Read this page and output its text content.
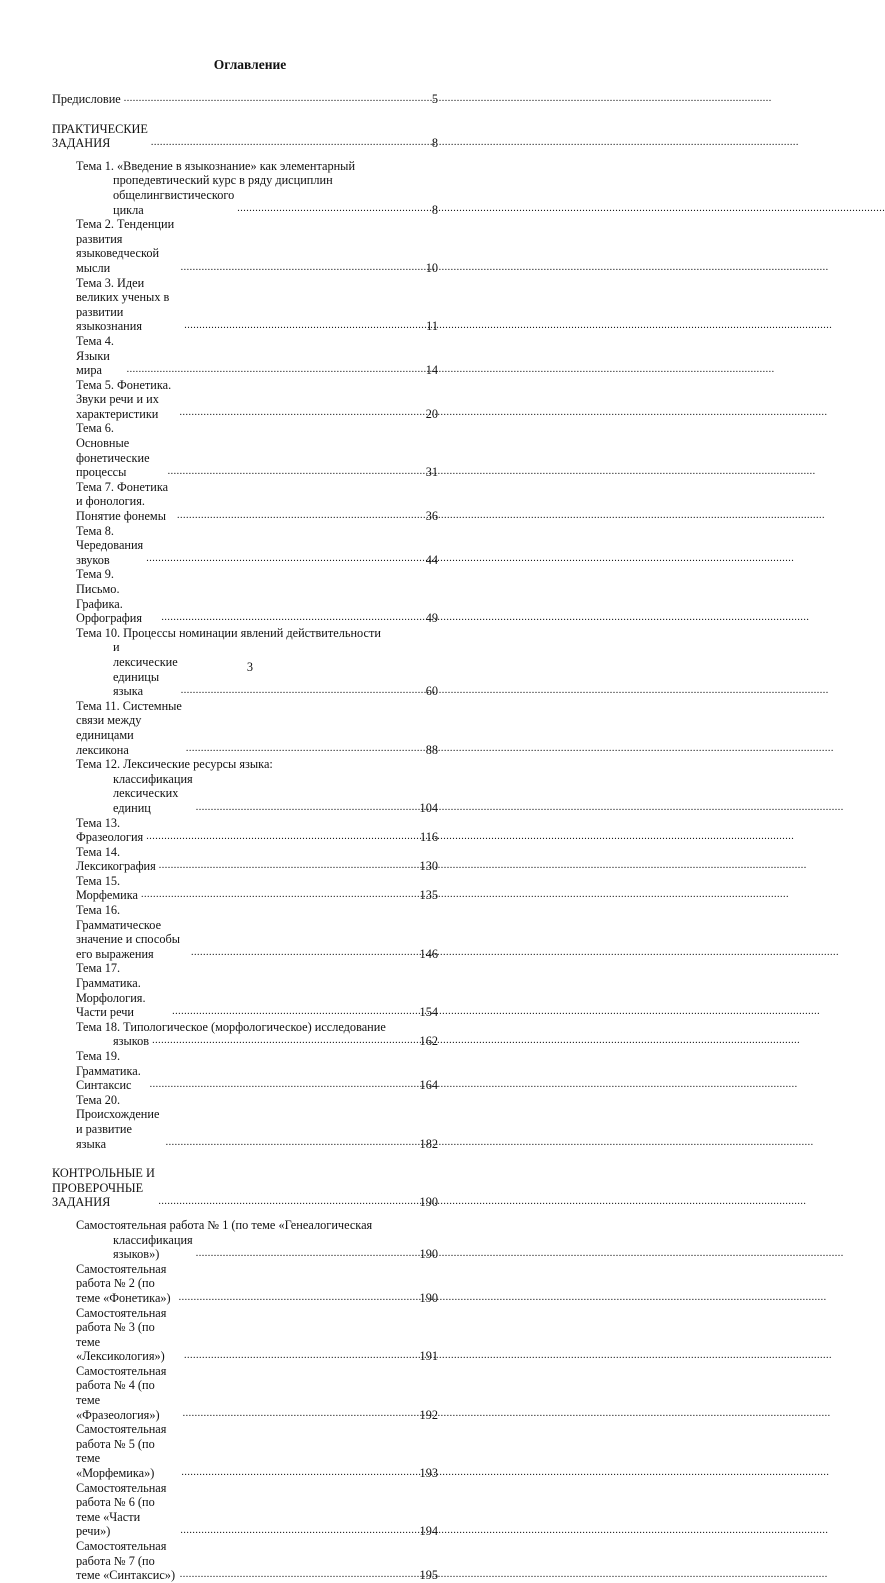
Оглавление
Предисловие .....	5
ПРАКТИЧЕСКИЕ ЗАДАНИЯ .....	8
Тема 1. «Введение в языкознание» как элементарный
пропедевтический курс в ряду дисциплин
общелингвистического цикла .....	8
Тема 2. Тенденции развития языковедческой мысли .....	10
Тема 3. Идеи великих ученых в развитии языкознания .....	11
Тема 4. Языки мира .....	14
Тема 5. Фонетика. Звуки речи и их характеристики .....	20
Тема 6. Основные фонетические процессы .....	31
Тема 7. Фонетика и фонология. Понятие фонемы .....	36
Тема 8. Чередования звуков .....	44
Тема 9. Письмо. Графика. Орфография .....	49
Тема 10. Процессы номинации явлений действительности
и лексические единицы языка .....	60
Тема 11. Системные связи между единицами лексикона .....	88
Тема 12. Лексические ресурсы языка:
классификация лексических единиц .....	104
Тема 13. Фразеология .....	116
Тема 14. Лексикография .....	130
Тема 15. Морфемика .....	135
Тема 16. Грамматическое значение и способы его выражения .....	146
Тема 17. Грамматика. Морфология. Части речи .....	154
Тема 18. Типологическое (морфологическое) исследование
языков .....	162
Тема 19. Грамматика. Синтаксис .....	164
Тема 20. Происхождение и развитие языка .....	182
КОНТРОЛЬНЫЕ И ПРОВЕРОЧНЫЕ ЗАДАНИЯ .....	190
Самостоятельная работа № 1 (по теме «Генеалогическая
классификация языков») .....	190
Самостоятельная работа № 2 (по теме «Фонетика») .....	190
Самостоятельная работа № 3 (по теме «Лексикология») .....	191
Самостоятельная работа № 4 (по теме «Фразеология») .....	192
Самостоятельная работа № 5 (по теме «Морфемика») .....	193
Самостоятельная работа № 6 (по теме «Части речи») .....	194
Самостоятельная работа № 7 (по теме «Синтаксис») .....	195
3
